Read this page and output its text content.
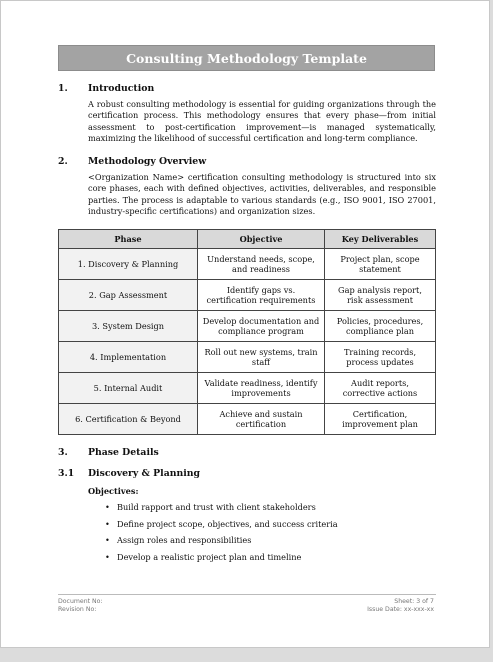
Consulting Methodology Template
1. Introduction
A robust consulting methodology is essential for guiding organizations through the certification process. This methodology ensures that every phase—from initial assessment to post-certification improvement—is managed systematically, maximizing the likelihood of successful certification and long-term compliance.
2. Methodology Overview
<Organization Name> certification consulting methodology is structured into six core phases, each with defined objectives, activities, deliverables, and responsible parties. The process is adaptable to various standards (e.g., ISO 9001, ISO 27001, industry-specific certifications) and organization sizes.
Phase	Objective	Key Deliverables
1. Discovery & Planning	Understand needs, scope, and readiness	Project plan, scope statement
2. Gap Assessment	Identify gaps vs. certification requirements	Gap analysis report, risk assessment
3. System Design	Develop documentation and compliance program	Policies, procedures, compliance plan
4. Implementation	Roll out new systems, train staff	Training records, process updates
5. Internal Audit	Validate readiness, identify improvements	Audit reports, corrective actions
6. Certification & Beyond	Achieve and sustain certification	Certification, improvement plan
3. Phase Details
3.1 Discovery & Planning
Objectives:
• Build rapport and trust with client stakeholders
• Define project scope, objectives, and success criteria
• Assign roles and responsibilities
• Develop a realistic project plan and timeline
Document No:
Revision No:
Sheet: 3 of 7
Issue Date: xx-xxx-xx
